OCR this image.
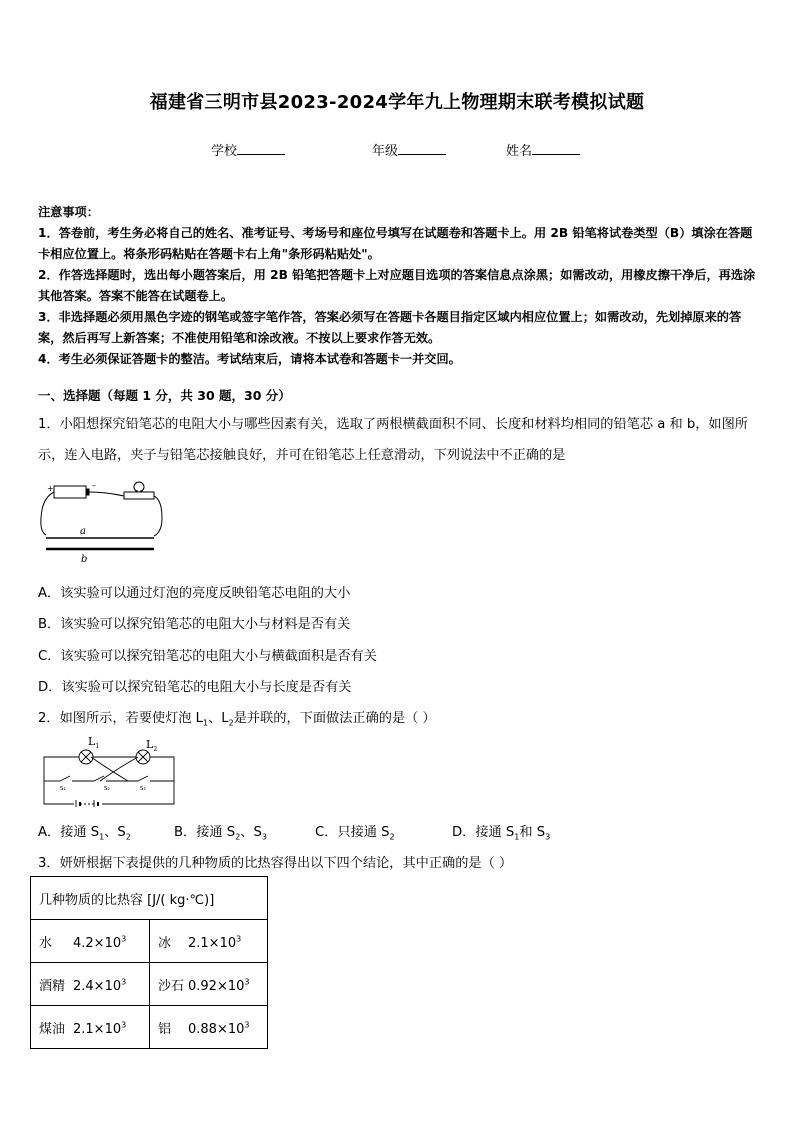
福建省三明市县2023-2024学年九上物理期末联考模拟试题
学校	年级	姓名

注意事项：

1．答卷前，考生务必将自己的姓名、准考证号、考场号和座位号填写在试题卷和答题卡上。用 2B 铅笔将试卷类型（B）填涂在答题卡相应位置上。将条形码粘贴在答题卡右上角"条形码粘贴处"。

2．作答选择题时，选出每小题答案后，用 2B 铅笔把答题卡上对应题目选项的答案信息点涂黑；如需改动，用橡皮擦干净后，再选涂其他答案。答案不能答在试题卷上。

3．非选择题必须用黑色字迹的钢笔或签字笔作答，答案必须写在答题卡各题目指定区域内相应位置上；如需改动，先划掉原来的答案，然后再写上新答案；不准使用铅笔和涂改液。不按以上要求作答无效。

4．考生必须保证答题卡的整洁。考试结束后，请将本试卷和答题卡一并交回。

一、选择题（每题 1 分，共 30 题，30 分）
1．小阳想探究铅笔芯的电阻大小与哪些因素有关，选取了两根横截面积不同、长度和材料均相同的铅笔芯 a 和 b，如图所示，连入电路，夹子与铅笔芯接触良好，并可在铅笔芯上任意滑动，下列说法中不正确的是
+	–
a
b
A．该实验可以通过灯泡的亮度反映铅笔芯电阻的大小
B．该实验可以探究铅笔芯的电阻大小与材料是否有关
C．该实验可以探究铅笔芯的电阻大小与横截面积是否有关
D．该实验可以探究铅笔芯的电阻大小与长度是否有关
2．如图所示，若要使灯泡 $L_1$、$L_2$是并联的，下面做法正确的是（ ）
$L_1$	$L_2$
S₁	S₂	S₃
A．接通 $S_1$、$S_2$	B．接通 $S_2$、$S_3$	C．只接通 $S_2$	D．接通 $S_1$和 $S_3$
3．妍妍根据下表提供的几种物质的比热容得出以下四个结论，其中正确的是（ ）
几种物质的比热容 [J/( kg·℃)]	
水 $4.2\times 10^3$	冰 $2.1\times 10^3$
酒精 $2.4\times 10^3$	沙石 $0.92\times 10^3$
煤油 $2.1\times 10^3$	铝 $0.88\times 10^3$
